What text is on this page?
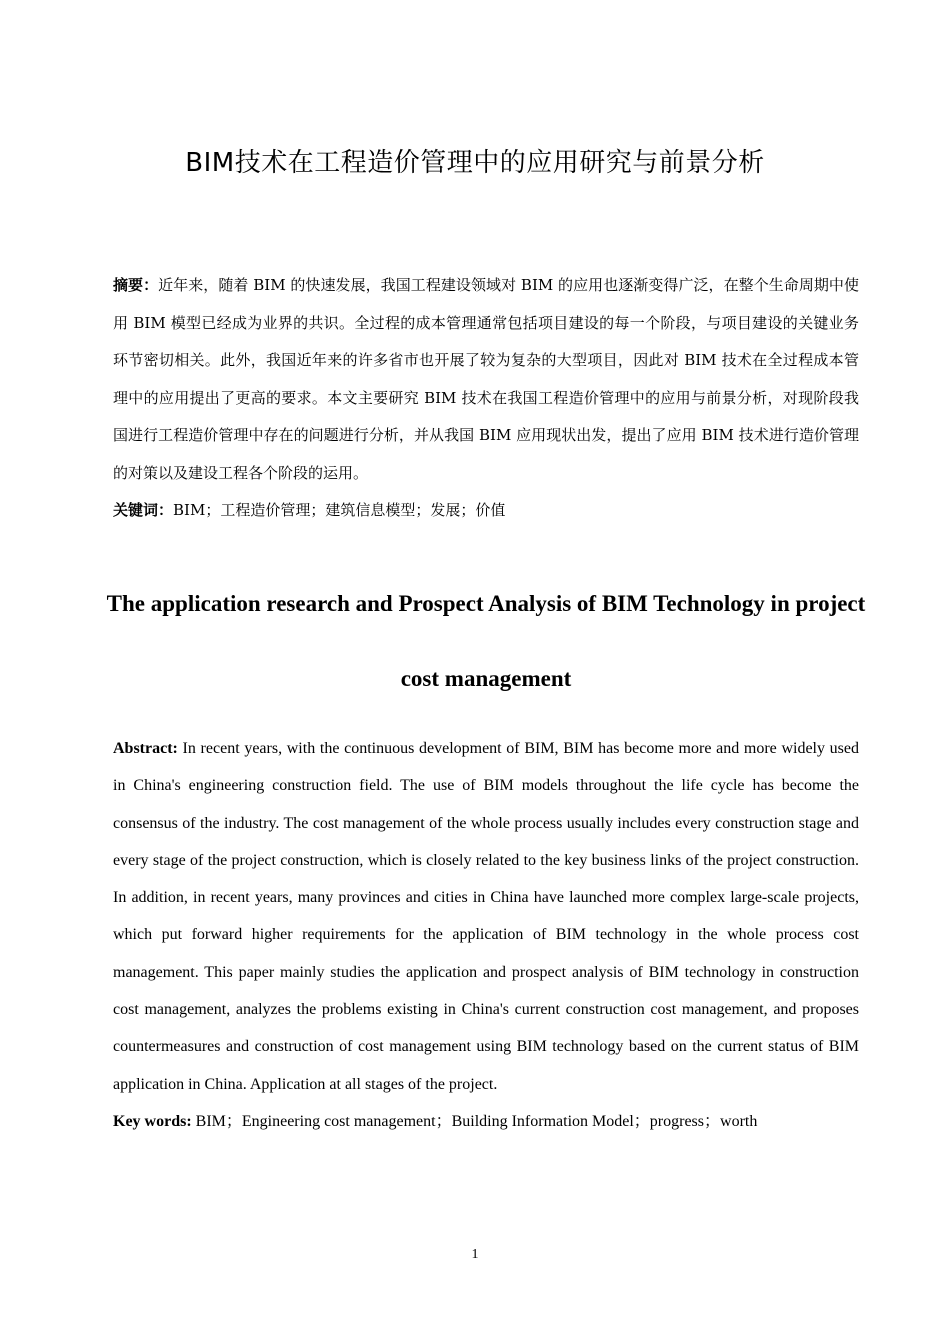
BIM技术在工程造价管理中的应用研究与前景分析

摘要：近年来，随着 BIM 的快速发展，我国工程建设领域对 BIM 的应用也逐渐变得广泛，在整个生命周期中使用 BIM 模型已经成为业界的共识。全过程的成本管理通常包括项目建设的每一个阶段，与项目建设的关键业务环节密切相关。此外，我国近年来的许多省市也开展了较为复杂的大型项目，因此对 BIM 技术在全过程成本管理中的应用提出了更高的要求。本文主要研究 BIM 技术在我国工程造价管理中的应用与前景分析，对现阶段我国进行工程造价管理中存在的问题进行分析，并从我国 BIM 应用现状出发，提出了应用 BIM 技术进行造价管理的对策以及建设工程各个阶段的运用。

关键词：BIM；工程造价管理；建筑信息模型；发展；价值

The application research and Prospect Analysis of BIM Technology in project cost management

Abstract: In recent years, with the continuous development of BIM, BIM has become more and more widely used in China's engineering construction field. The use of BIM models throughout the life cycle has become the consensus of the industry. The cost management of the whole process usually includes every construction stage and every stage of the project construction, which is closely related to the key business links of the project construction. In addition, in recent years, many provinces and cities in China have launched more complex large-scale projects, which put forward higher requirements for the application of BIM technology in the whole process cost management. This paper mainly studies the application and prospect analysis of BIM technology in construction cost management, analyzes the problems existing in China's current construction cost management, and proposes countermeasures and construction of cost management using BIM technology based on the current status of BIM application in China. Application at all stages of the project.

Key words: BIM；Engineering cost management；Building Information Model；progress；worth

1
